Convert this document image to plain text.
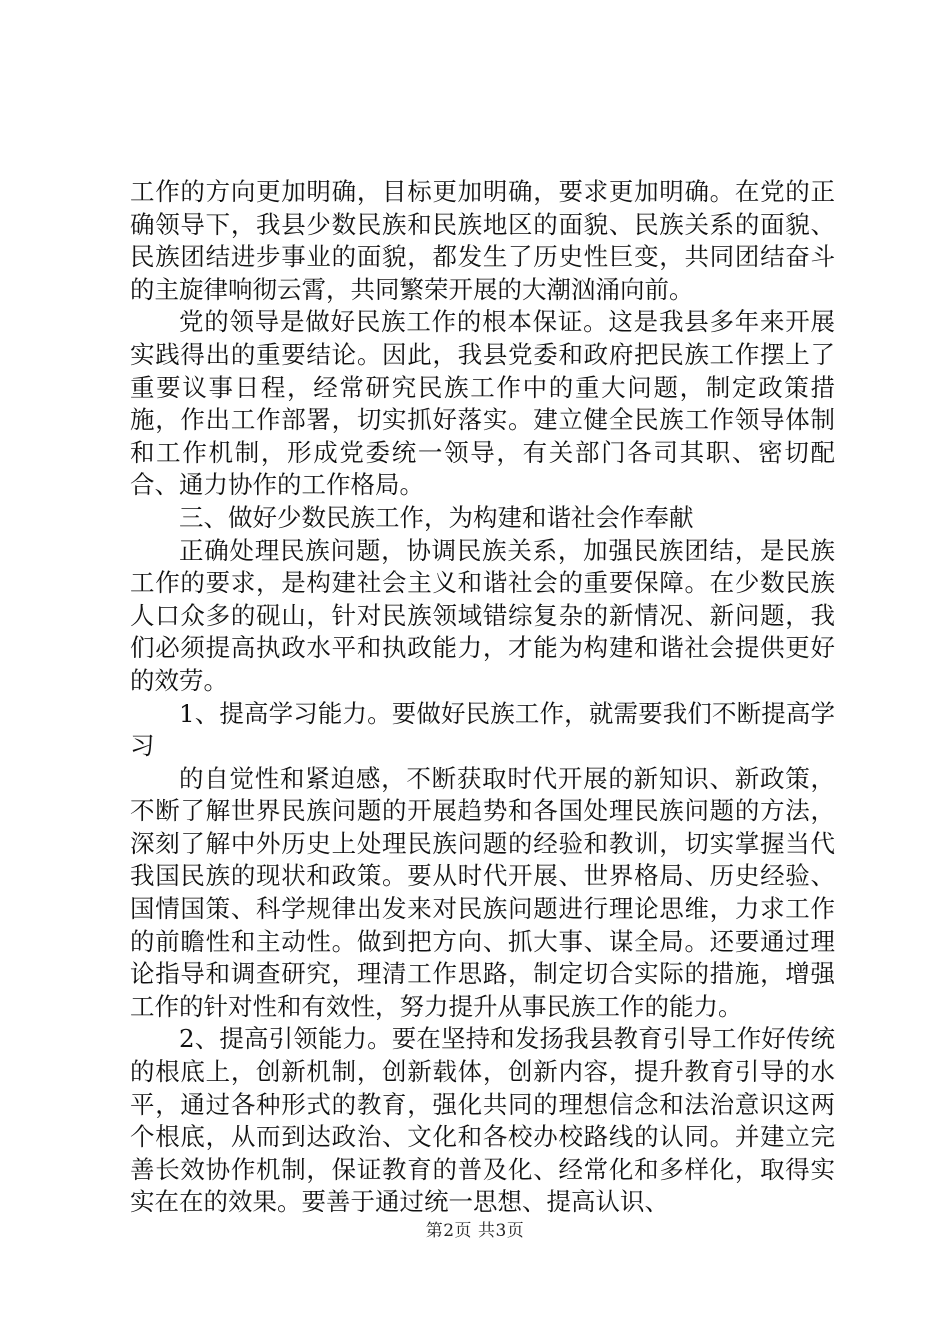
工作的方向更加明确，目标更加明确，要求更加明确。在党的正确领导下，我县少数民族和民族地区的面貌、民族关系的面貌、民族团结进步事业的面貌，都发生了历史性巨变，共同团结奋斗的主旋律响彻云霄，共同繁荣开展的大潮汹涌向前。

党的领导是做好民族工作的根本保证。这是我县多年来开展实践得出的重要结论。因此，我县党委和政府把民族工作摆上了重要议事日程，经常研究民族工作中的重大问题，制定政策措施，作出工作部署，切实抓好落实。建立健全民族工作领导体制和工作机制，形成党委统一领导，有关部门各司其职、密切配合、通力协作的工作格局。

三、做好少数民族工作，为构建和谐社会作奉献

正确处理民族问题，协调民族关系，加强民族团结，是民族工作的要求，是构建社会主义和谐社会的重要保障。在少数民族人口众多的砚山，针对民族领域错综复杂的新情况、新问题，我们必须提高执政水平和执政能力，才能为构建和谐社会提供更好的效劳。

1、提高学习能力。要做好民族工作，就需要我们不断提高学习

的自觉性和紧迫感，不断获取时代开展的新知识、新政策，不断了解世界民族问题的开展趋势和各国处理民族问题的方法，深刻了解中外历史上处理民族问题的经验和教训，切实掌握当代我国民族的现状和政策。要从时代开展、世界格局、历史经验、国情国策、科学规律出发来对民族问题进行理论思维，力求工作的前瞻性和主动性。做到把方向、抓大事、谋全局。还要通过理论指导和调查研究，理清工作思路，制定切合实际的措施，增强工作的针对性和有效性，努力提升从事民族工作的能力。

2、提高引领能力。要在坚持和发扬我县教育引导工作好传统的根底上，创新机制，创新载体，创新内容，提升教育引导的水平，通过各种形式的教育，强化共同的理想信念和法治意识这两个根底，从而到达政治、文化和各校办校路线的认同。并建立完善长效协作机制，保证教育的普及化、经常化和多样化，取得实实在在的效果。要善于通过统一思想、提高认识、

第2页 共3页
